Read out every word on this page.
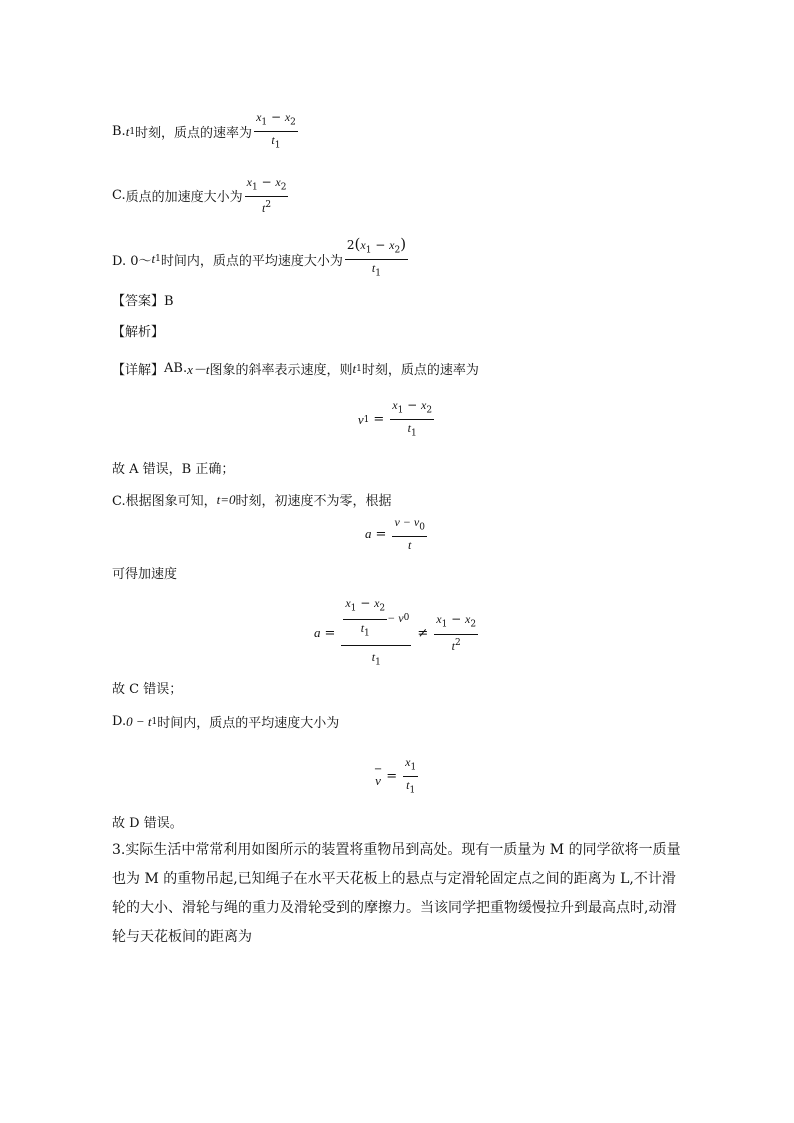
B. t 1 时刻，质点的速率为 $\frac{x_1 - x_2}{t_1}$
C. 质点的加速度大小为 $\frac{x_1 - x_2}{t^2}$
D. 0～ t 1 时间内，质点的平均速度大小为 $\frac{2(x_1 - x_2)}{t_1}$
【答案】B
【解析】
【详解】 AB. x－t 图象的斜率表示速度，则 t 1 时刻，质点的速率为
v $1 = \frac{x_1 - x_2}{t_1}$
故 A 错误，B 正确；
C.根据图象可知， t=0 时刻，初速度不为零，根据
$a = \frac{v - v_0}{t}$
可得加速度
$a = \frac{\frac{x_1 - x_2}{t_1} - v 0}{t_1} \ne \frac{x_1 - x_2}{t^2}$
故 C 错误；
D. 0 − t 1 时间内，质点的平均速度大小为
−
$v = \frac{x_1}{t_1}$
故 D 错误。
3.实际生活中常常利用如图所示的装置将重物吊到高处。现有一质量为 M 的同学欲将一质量也为 M 的重物吊起,已知绳子在水平天花板上的悬点与定滑轮固定点之间的距离为 L,不计滑轮的大小、滑轮与绳的重力及滑轮受到的摩擦力。当该同学把重物缓慢拉升到最高点时,动滑轮与天花板间的距离为
